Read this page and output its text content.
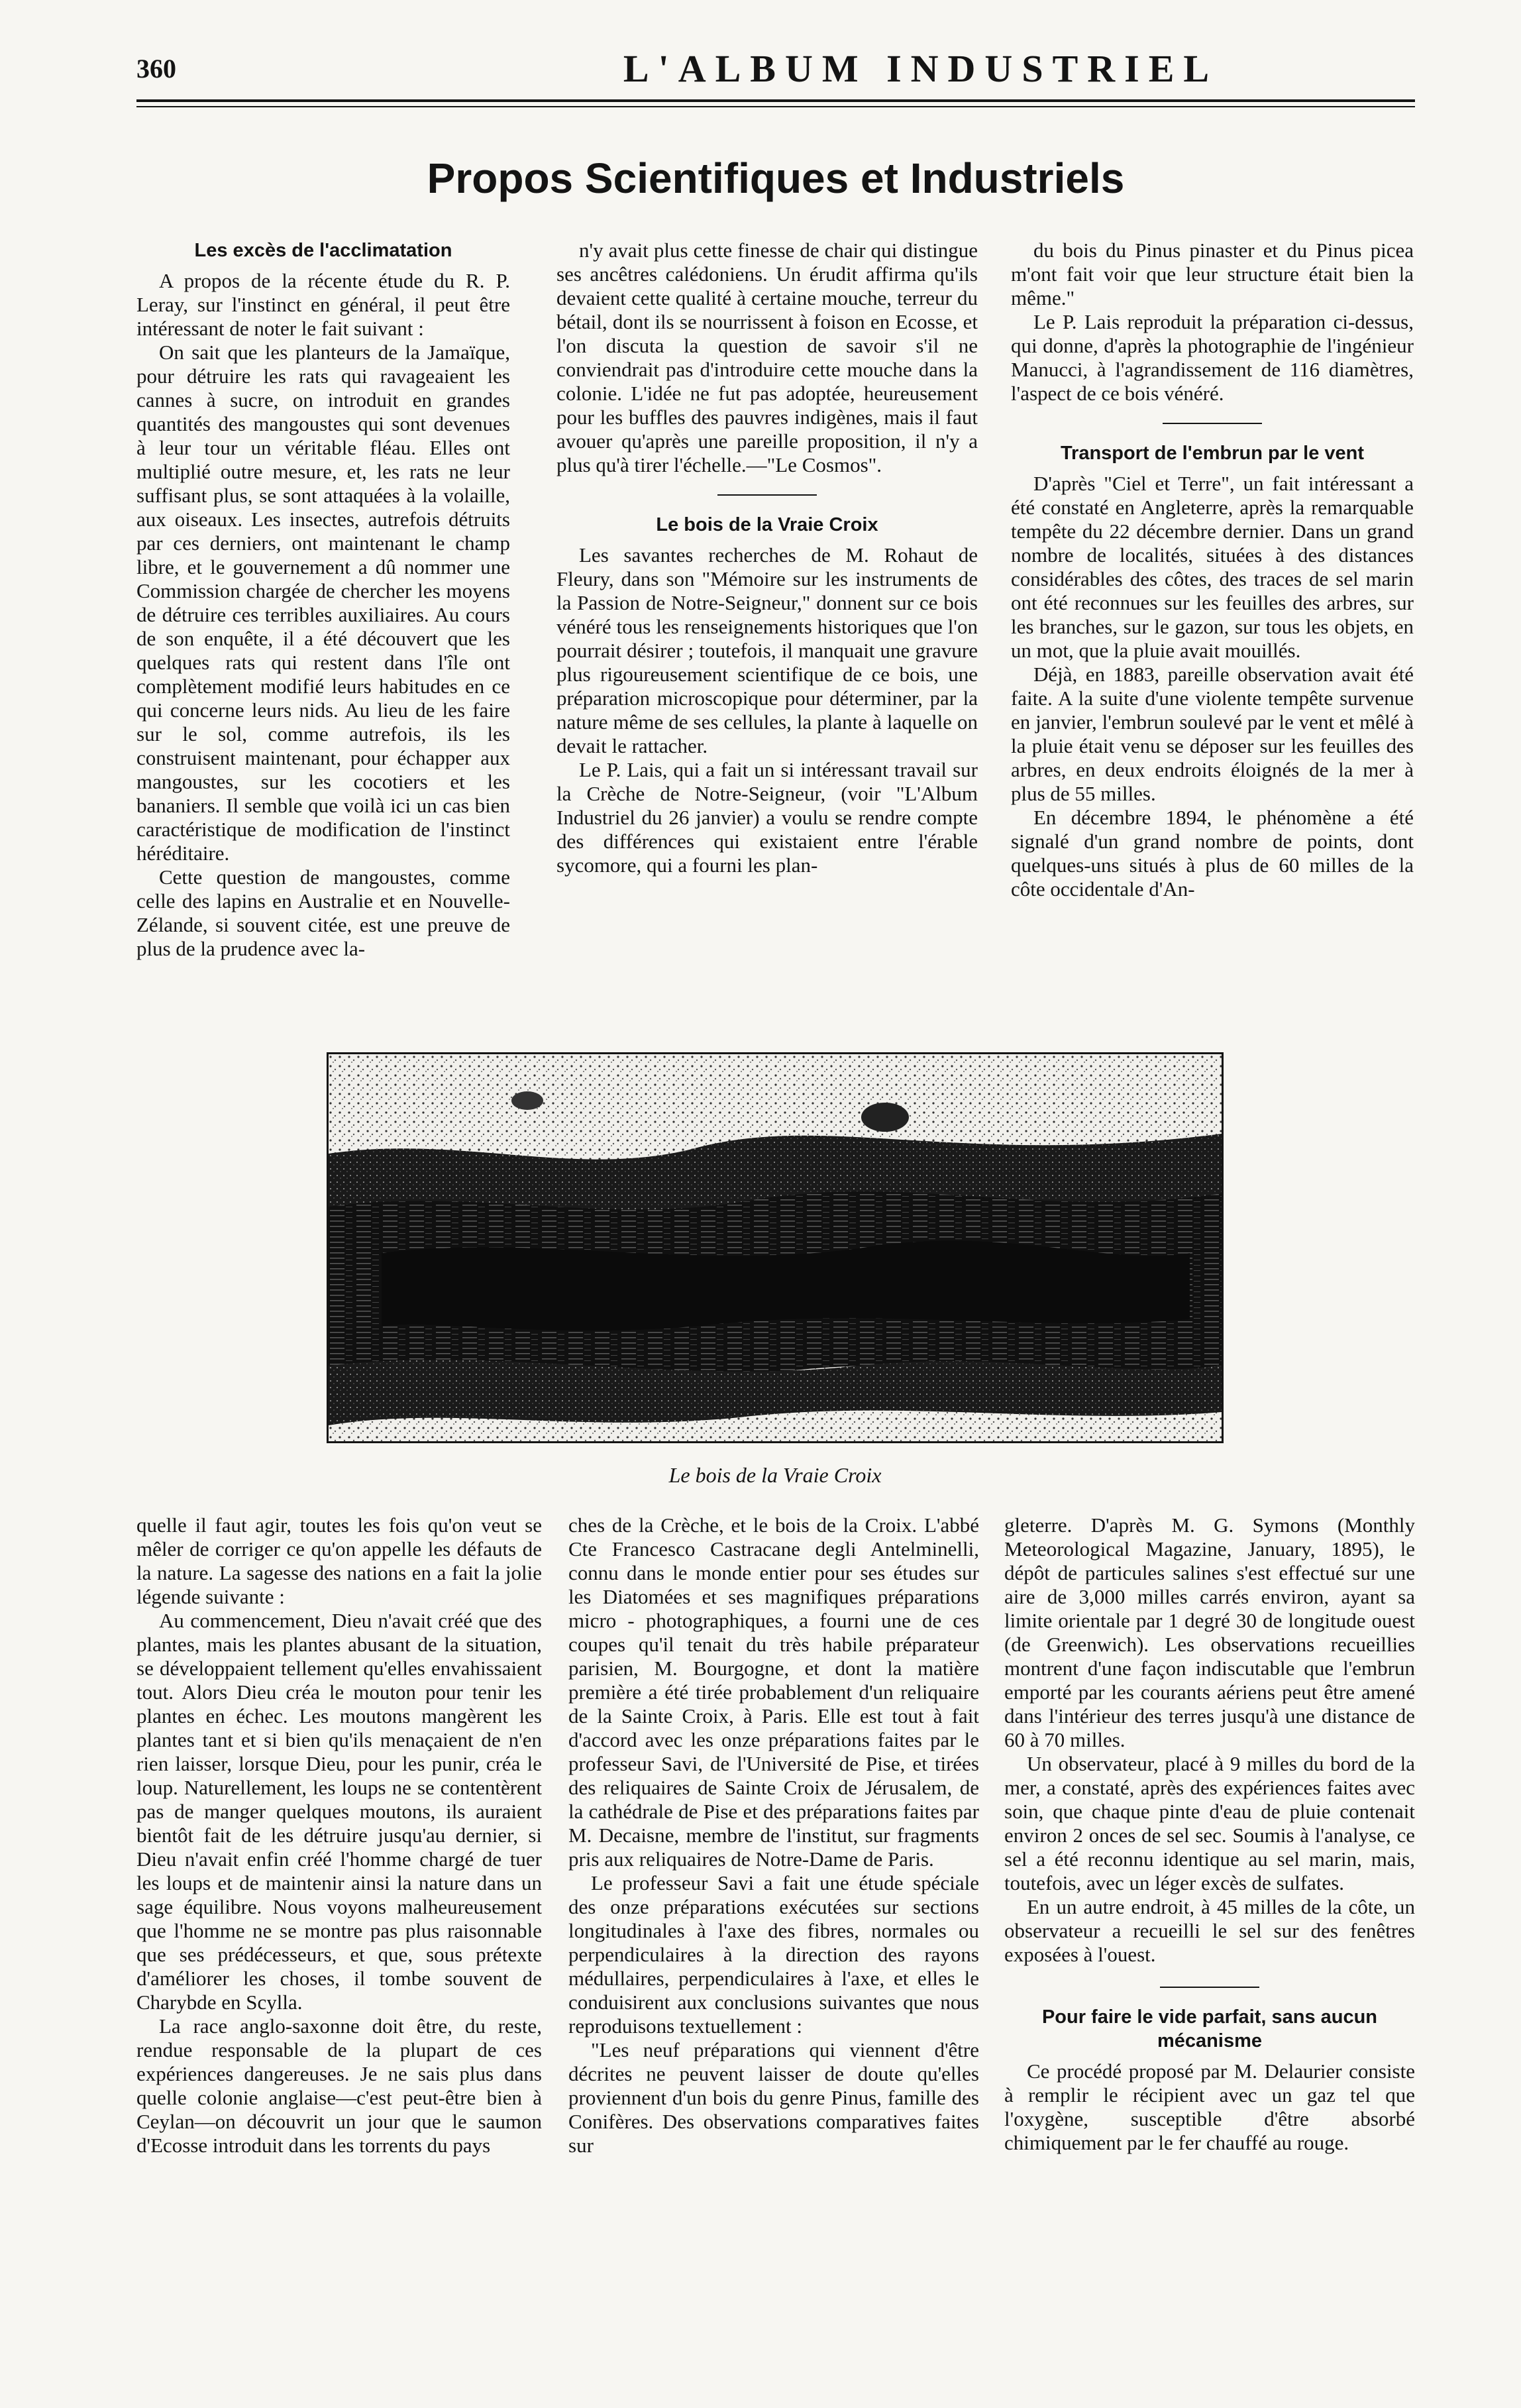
360	L'ALBUM INDUSTRIEL
Propos Scientifiques et Industriels
Les excès de l'acclimatation

A propos de la récente étude du R. P. Leray, sur l'instinct en général, il peut être intéressant de noter le fait suivant :

On sait que les planteurs de la Jamaïque, pour détruire les rats qui ravageaient les cannes à sucre, on introduit en grandes quantités des mangoustes qui sont devenues à leur tour un véritable fléau. Elles ont multiplié outre mesure, et, les rats ne leur suffisant plus, se sont attaquées à la volaille, aux oiseaux. Les insectes, autrefois détruits par ces derniers, ont maintenant le champ libre, et le gouvernement a dû nommer une Commission chargée de chercher les moyens de détruire ces terribles auxiliaires. Au cours de son enquête, il a été découvert que les quelques rats qui restent dans l'île ont complètement modifié leurs habitudes en ce qui concerne leurs nids. Au lieu de les faire sur le sol, comme autrefois, ils les construisent maintenant, pour échapper aux mangoustes, sur les cocotiers et les bananiers. Il semble que voilà ici un cas bien caractéristique de modification de l'instinct héréditaire.

Cette question de mangoustes, comme celle des lapins en Australie et en Nouvelle-Zélande, si souvent citée, est une preuve de plus de la prudence avec la-

n'y avait plus cette finesse de chair qui distingue ses ancêtres calédoniens. Un érudit affirma qu'ils devaient cette qualité à certaine mouche, terreur du bétail, dont ils se nourrissent à foison en Ecosse, et l'on discuta la question de savoir s'il ne conviendrait pas d'introduire cette mouche dans la colonie. L'idée ne fut pas adoptée, heureusement pour les buffles des pauvres indigènes, mais il faut avouer qu'après une pareille proposition, il n'y a plus qu'à tirer l'échelle.—"Le Cosmos".

Le bois de la Vraie Croix

Les savantes recherches de M. Rohaut de Fleury, dans son "Mémoire sur les instruments de la Passion de Notre-Seigneur," donnent sur ce bois vénéré tous les renseignements historiques que l'on pourrait désirer ; toutefois, il manquait une gravure plus rigoureusement scientifique de ce bois, une préparation microscopique pour déterminer, par la nature même de ses cellules, la plante à laquelle on devait le rattacher.

Le P. Lais, qui a fait un si intéressant travail sur la Crèche de Notre-Seigneur, (voir "L'Album Industriel du 26 janvier) a voulu se rendre compte des différences qui existaient entre l'érable sycomore, qui a fourni les plan-

du bois du Pinus pinaster et du Pinus picea m'ont fait voir que leur structure était bien la même."

Le P. Lais reproduit la préparation ci-dessus, qui donne, d'après la photographie de l'ingénieur Manucci, à l'agrandissement de 116 diamètres, l'aspect de ce bois vénéré.

Transport de l'embrun par le vent

D'après "Ciel et Terre", un fait intéressant a été constaté en Angleterre, après la remarquable tempête du 22 décembre dernier. Dans un grand nombre de localités, situées à des distances considérables des côtes, des traces de sel marin ont été reconnues sur les feuilles des arbres, sur les branches, sur le gazon, sur tous les objets, en un mot, que la pluie avait mouillés.

Déjà, en 1883, pareille observation avait été faite. A la suite d'une violente tempête survenue en janvier, l'embrun soulevé par le vent et mêlé à la pluie était venu se déposer sur les feuilles des arbres, en deux endroits éloignés de la mer à plus de 55 milles.

En décembre 1894, le phénomène a été signalé d'un grand nombre de points, dont quelques-uns situés à plus de 60 milles de la côte occidentale d'An-

Le bois de la Vraie Croix

quelle il faut agir, toutes les fois qu'on veut se mêler de corriger ce qu'on appelle les défauts de la nature. La sagesse des nations en a fait la jolie légende suivante :

Au commencement, Dieu n'avait créé que des plantes, mais les plantes abusant de la situation, se développaient tellement qu'elles envahissaient tout. Alors Dieu créa le mouton pour tenir les plantes en échec. Les moutons mangèrent les plantes tant et si bien qu'ils menaçaient de n'en rien laisser, lorsque Dieu, pour les punir, créa le loup. Naturellement, les loups ne se contentèrent pas de manger quelques moutons, ils auraient bientôt fait de les détruire jusqu'au dernier, si Dieu n'avait enfin créé l'homme chargé de tuer les loups et de maintenir ainsi la nature dans un sage équilibre. Nous voyons malheureusement que l'homme ne se montre pas plus raisonnable que ses prédécesseurs, et que, sous prétexte d'améliorer les choses, il tombe souvent de Charybde en Scylla.

La race anglo-saxonne doit être, du reste, rendue responsable de la plupart de ces expériences dangereuses. Je ne sais plus dans quelle colonie anglaise—c'est peut-être bien à Ceylan—on découvrit un jour que le saumon d'Ecosse introduit dans les torrents du pays

ches de la Crèche, et le bois de la Croix. L'abbé Cte Francesco Castracane degli Antelminelli, connu dans le monde entier pour ses études sur les Diatomées et ses magnifiques préparations micro - photographiques, a fourni une de ces coupes qu'il tenait du très habile préparateur parisien, M. Bourgogne, et dont la matière première a été tirée probablement d'un reliquaire de la Sainte Croix, à Paris. Elle est tout à fait d'accord avec les onze préparations faites par le professeur Savi, de l'Université de Pise, et tirées des reliquaires de Sainte Croix de Jérusalem, de la cathédrale de Pise et des préparations faites par M. Decaisne, membre de l'institut, sur fragments pris aux reliquaires de Notre-Dame de Paris.

Le professeur Savi a fait une étude spéciale des onze préparations exécutées sur sections longitudinales à l'axe des fibres, normales ou perpendiculaires à la direction des rayons médullaires, perpendiculaires à l'axe, et elles le conduisirent aux conclusions suivantes que nous reproduisons textuellement :

"Les neuf préparations qui viennent d'être décrites ne peuvent laisser de doute qu'elles proviennent d'un bois du genre Pinus, famille des Conifères. Des observations comparatives faites sur

gleterre. D'après M. G. Symons (Monthly Meteorological Magazine, January, 1895), le dépôt de particules salines s'est effectué sur une aire de 3,000 milles carrés environ, ayant sa limite orientale par 1 degré 30 de longitude ouest (de Greenwich). Les observations recueillies montrent d'une façon indiscutable que l'embrun emporté par les courants aériens peut être amené dans l'intérieur des terres jusqu'à une distance de 60 à 70 milles.

Un observateur, placé à 9 milles du bord de la mer, a constaté, après des expériences faites avec soin, que chaque pinte d'eau de pluie contenait environ 2 onces de sel sec. Soumis à l'analyse, ce sel a été reconnu identique au sel marin, mais, toutefois, avec un léger excès de sulfates.

En un autre endroit, à 45 milles de la côte, un observateur a recueilli le sel sur des fenêtres exposées à l'ouest.

Pour faire le vide parfait, sans aucun mécanisme

Ce procédé proposé par M. Delaurier consiste à remplir le récipient avec un gaz tel que l'oxygène, susceptible d'être absorbé chimiquement par le fer chauffé au rouge.
